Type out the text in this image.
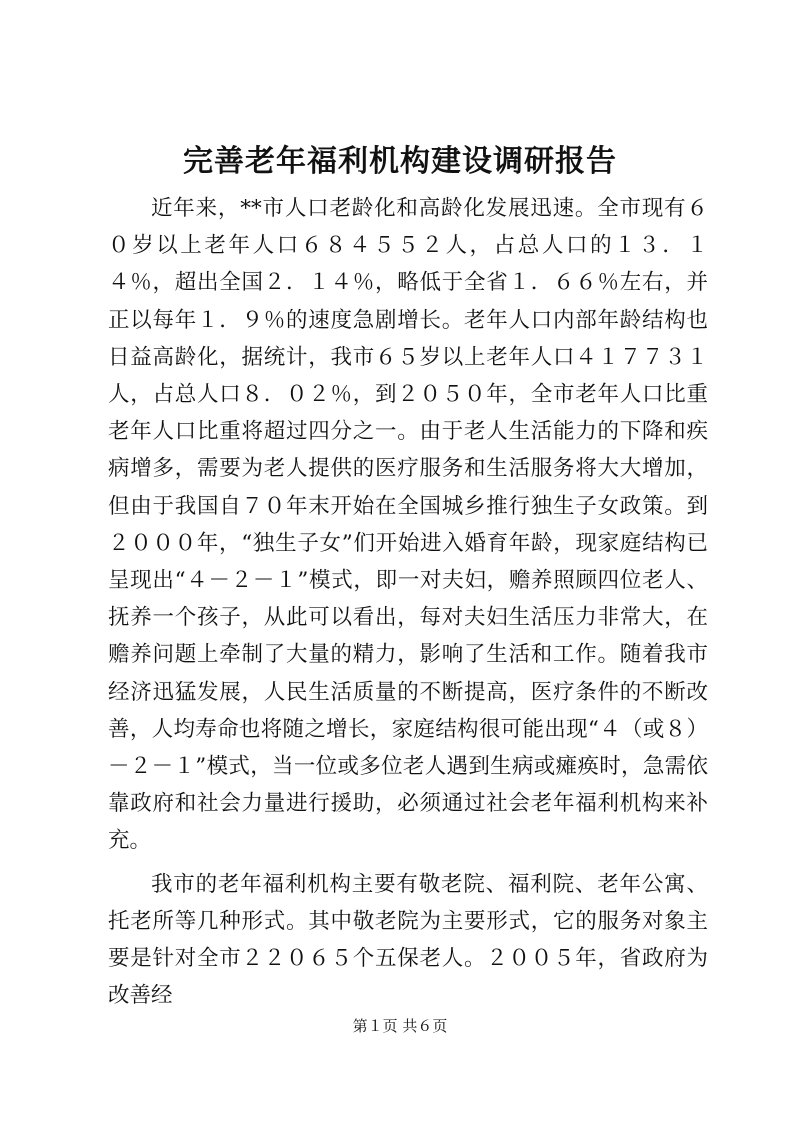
完善老年福利机构建设调研报告

近年来，**市人口老龄化和高龄化发展迅速。全市现有６０岁以上老年人口６８４５５２人，占总人口的１３．１４％，超出全国２．１４％，略低于全省１．６６％左右，并正以每年１．９％的速度急剧增长。老年人口内部年龄结构也日益高龄化，据统计，我市６５岁以上老年人口４１７７３１人，占总人口８．０２％，到２０５０年，全市老年人口比重老年人口比重将超过四分之一。由于老人生活能力的下降和疾病增多，需要为老人提供的医疗服务和生活服务将大大增加，但由于我国自７０年末开始在全国城乡推行独生子女政策。到２０００年，“独生子女”们开始进入婚育年龄，现家庭结构已呈现出“４－２－１”模式，即一对夫妇，赡养照顾四位老人、抚养一个孩子，从此可以看出，每对夫妇生活压力非常大，在赡养问题上牵制了大量的精力，影响了生活和工作。随着我市经济迅猛发展，人民生活质量的不断提高，医疗条件的不断改善，人均寿命也将随之增长，家庭结构很可能出现“４（或８）－２－１”模式，当一位或多位老人遇到生病或瘫痪时，急需依靠政府和社会力量进行援助，必须通过社会老年福利机构来补充。

我市的老年福利机构主要有敬老院、福利院、老年公寓、托老所等几种形式。其中敬老院为主要形式，它的服务对象主要是针对全市２２０６５个五保老人。２００５年，省政府为改善经

第１页 共６页
